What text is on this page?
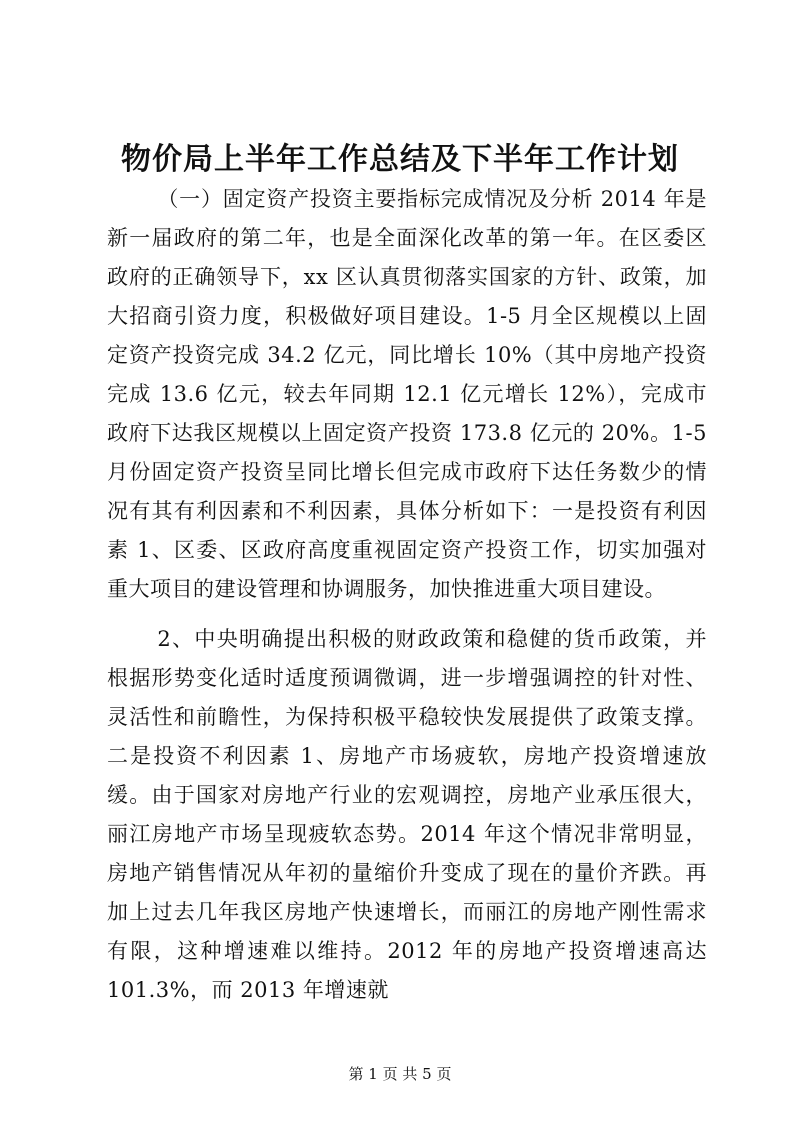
物价局上半年工作总结及下半年工作计划

（一）固定资产投资主要指标完成情况及分析 2014 年是新一届政府的第二年，也是全面深化改革的第一年。在区委区政府的正确领导下，xx 区认真贯彻落实国家的方针、政策，加大招商引资力度，积极做好项目建设。1-5 月全区规模以上固定资产投资完成 34.2 亿元，同比增长 10%（其中房地产投资完成 13.6 亿元，较去年同期 12.1 亿元增长 12%），完成市政府下达我区规模以上固定资产投资 173.8 亿元的 20%。1-5 月份固定资产投资呈同比增长但完成市政府下达任务数少的情况有其有利因素和不利因素，具体分析如下：一是投资有利因素 1、区委、区政府高度重视固定资产投资工作，切实加强对重大项目的建设管理和协调服务，加快推进重大项目建设。

2、中央明确提出积极的财政政策和稳健的货币政策，并根据形势变化适时适度预调微调，进一步增强调控的针对性、灵活性和前瞻性，为保持积极平稳较快发展提供了政策支撑。二是投资不利因素 1、房地产市场疲软，房地产投资增速放缓。由于国家对房地产行业的宏观调控，房地产业承压很大，丽江房地产市场呈现疲软态势。2014 年这个情况非常明显，房地产销售情况从年初的量缩价升变成了现在的量价齐跌。再加上过去几年我区房地产快速增长，而丽江的房地产刚性需求有限，这种增速难以维持。2012 年的房地产投资增速高达 101.3%，而 2013 年增速就

第 1 页 共 5 页
